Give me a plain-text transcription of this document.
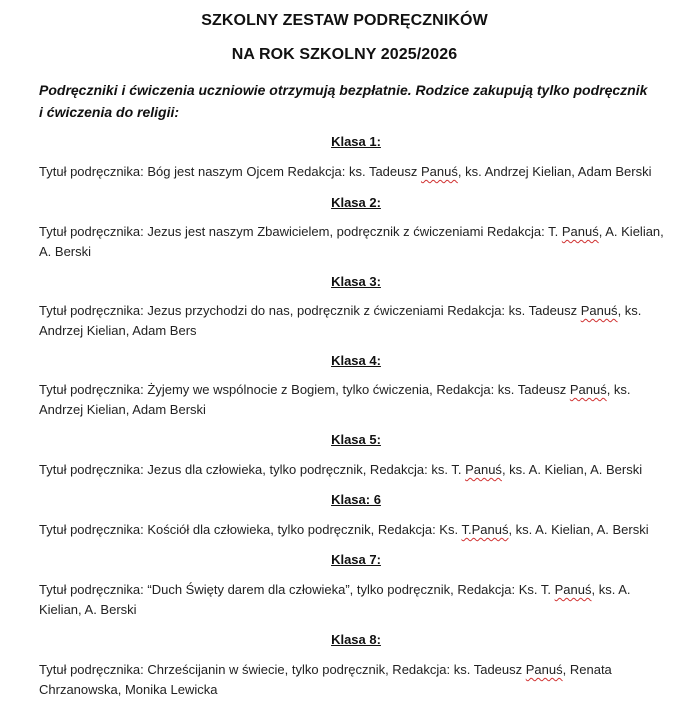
SZKOLNY ZESTAW PODRĘCZNIKÓW
NA ROK SZKOLNY 2025/2026
Podręczniki i ćwiczenia uczniowie otrzymują bezpłatnie. Rodzice zakupują tylko podręcznik
i ćwiczenia do religii:
Klasa 1:
Tytuł podręcznika: Bóg jest naszym Ojcem Redakcja: ks. Tadeusz Panuś, ks. Andrzej Kielian, Adam Berski
Klasa 2:
Tytuł podręcznika: Jezus jest naszym Zbawicielem, podręcznik z ćwiczeniami Redakcja: T. Panuś, A. Kielian,
A. Berski
Klasa 3:
Tytuł podręcznika: Jezus przychodzi do nas, podręcznik z ćwiczeniami Redakcja: ks. Tadeusz Panuś, ks.
Andrzej Kielian, Adam Bers
Klasa 4:
Tytuł podręcznika: Żyjemy we wspólnocie z Bogiem, tylko ćwiczenia, Redakcja: ks. Tadeusz Panuś, ks.
Andrzej Kielian, Adam Berski
Klasa 5:
Tytuł podręcznika: Jezus dla człowieka, tylko podręcznik, Redakcja: ks. T. Panuś, ks. A. Kielian, A. Berski
Klasa: 6
Tytuł podręcznika: Kościół dla człowieka, tylko podręcznik, Redakcja: Ks. T.Panuś, ks. A. Kielian, A. Berski
Klasa 7:
Tytuł podręcznika: “Duch Święty darem dla człowieka”, tylko podręcznik, Redakcja: Ks. T. Panuś, ks. A.
Kielian, A. Berski
Klasa 8:
Tytuł podręcznika: Chrześcijanin w świecie, tylko podręcznik, Redakcja: ks. Tadeusz Panuś, Renata
Chrzanowska, Monika Lewicka
